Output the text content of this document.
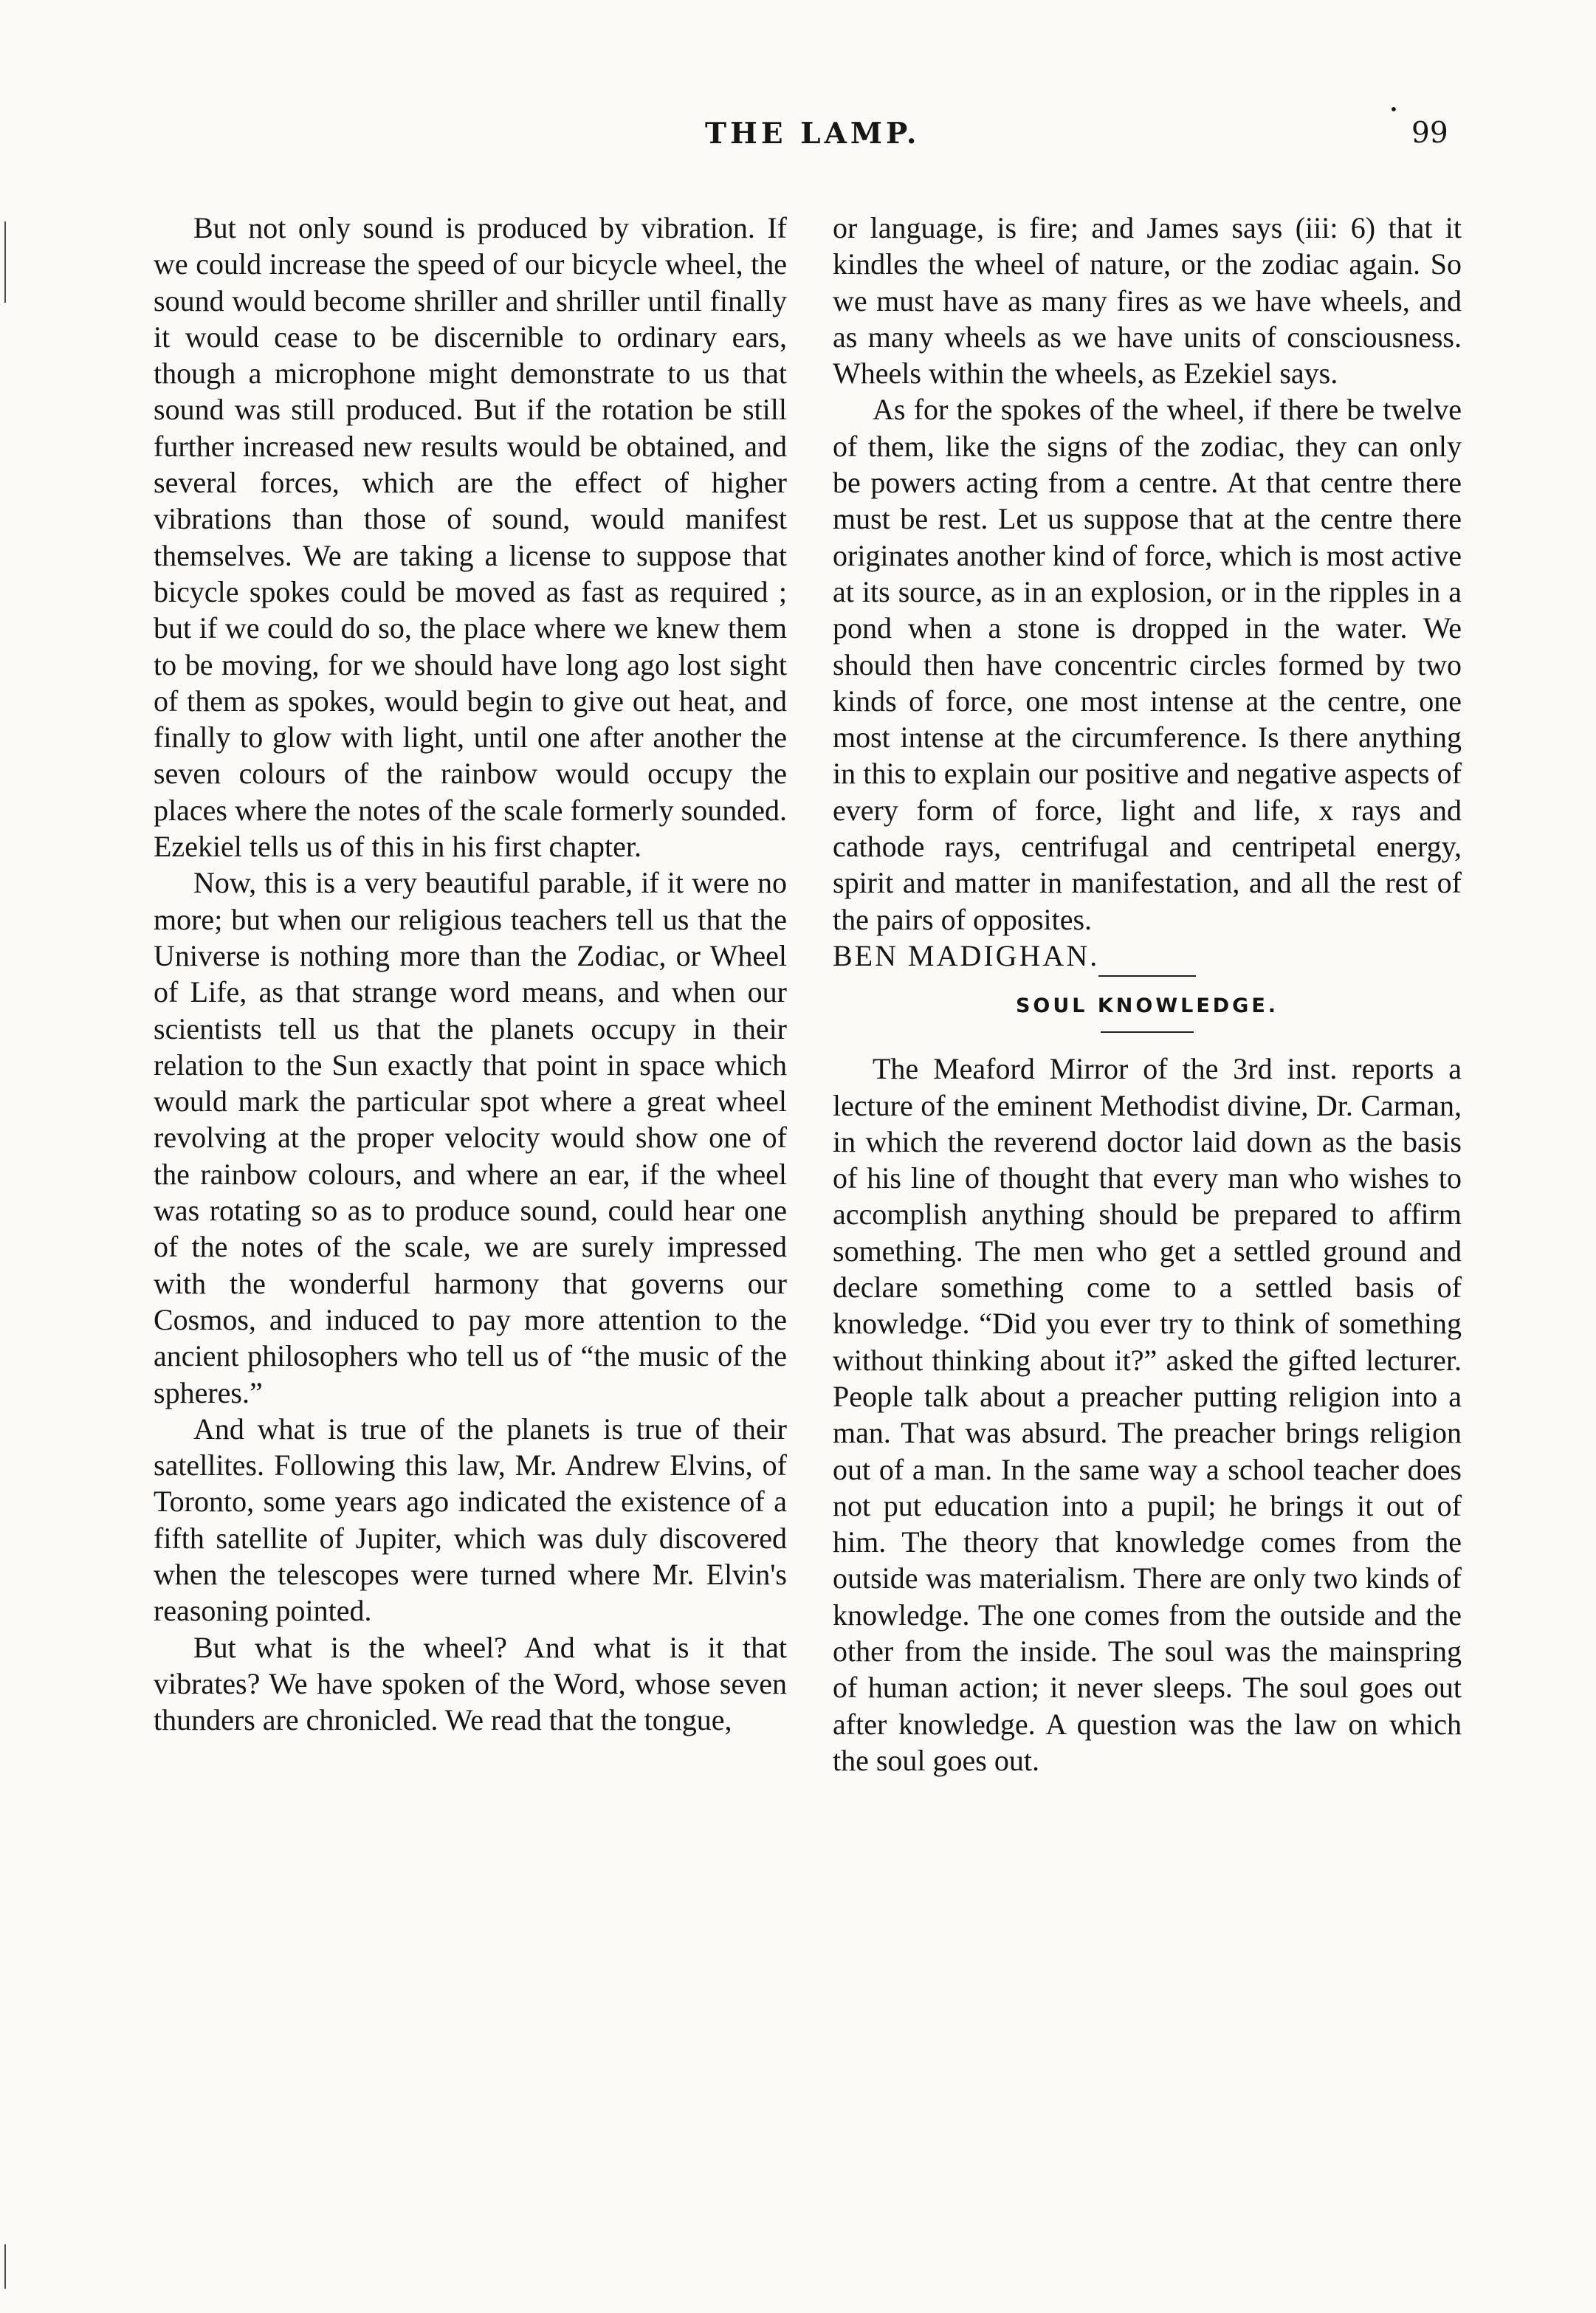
•
THE LAMP.	99

But not only sound is produced by vibration. If we could increase the speed of our bicycle wheel, the sound would become shriller and shriller until finally it would cease to be discernible to ordinary ears, though a microphone might demonstrate to us that sound was still produced. But if the rotation be still further increased new results would be obtained, and several forces, which are the effect of higher vibrations than those of sound, would manifest themselves. We are taking a license to suppose that bicycle spokes could be moved as fast as required ; but if we could do so, the place where we knew them to be moving, for we should have long ago lost sight of them as spokes, would begin to give out heat, and finally to glow with light, until one after another the seven colours of the rainbow would occupy the places where the notes of the scale formerly sounded. Ezekiel tells us of this in his first chapter.

Now, this is a very beautiful parable, if it were no more; but when our religious teachers tell us that the Universe is nothing more than the Zodiac, or Wheel of Life, as that strange word means, and when our scientists tell us that the planets occupy in their relation to the Sun exactly that point in space which would mark the particular spot where a great wheel revolving at the proper velocity would show one of the rainbow colours, and where an ear, if the wheel was rotating so as to produce sound, could hear one of the notes of the scale, we are surely impressed with the wonderful harmony that governs our Cosmos, and induced to pay more attention to the ancient philosophers who tell us of “the music of the spheres.”

And what is true of the planets is true of their satellites. Following this law, Mr. Andrew Elvins, of Toronto, some years ago indicated the existence of a fifth satellite of Jupiter, which was duly discovered when the telescopes were turned where Mr. Elvin's reasoning pointed.

But what is the wheel? And what is it that vibrates? We have spoken of the Word, whose seven thunders are chronicled. We read that the tongue,

or language, is fire; and James says (iii: 6) that it kindles the wheel of nature, or the zodiac again. So we must have as many fires as we have wheels, and as many wheels as we have units of consciousness. Wheels within the wheels, as Ezekiel says.

As for the spokes of the wheel, if there be twelve of them, like the signs of the zodiac, they can only be powers acting from a centre. At that centre there must be rest. Let us suppose that at the centre there originates another kind of force, which is most active at its source, as in an explosion, or in the ripples in a pond when a stone is dropped in the water. We should then have concentric circles formed by two kinds of force, one most intense at the centre, one most intense at the circumference. Is there anything in this to explain our positive and negative aspects of every form of force, light and life, x rays and cathode rays, centrifugal and centripetal energy, spirit and matter in manifestation, and all the rest of the pairs of opposites.

BEN MADIGHAN.

SOUL KNOWLEDGE.

The Meaford Mirror of the 3rd inst. reports a lecture of the eminent Methodist divine, Dr. Carman, in which the reverend doctor laid down as the basis of his line of thought that every man who wishes to accomplish anything should be prepared to affirm something. The men who get a settled ground and declare something come to a settled basis of knowledge. “Did you ever try to think of something without thinking about it?” asked the gifted lecturer. People talk about a preacher putting religion into a man. That was absurd. The preacher brings religion out of a man. In the same way a school teacher does not put education into a pupil; he brings it out of him. The theory that knowledge comes from the outside was materialism. There are only two kinds of knowledge. The one comes from the outside and the other from the inside. The soul was the mainspring of human action; it never sleeps. The soul goes out after knowledge. A question was the law on which the soul goes out.
